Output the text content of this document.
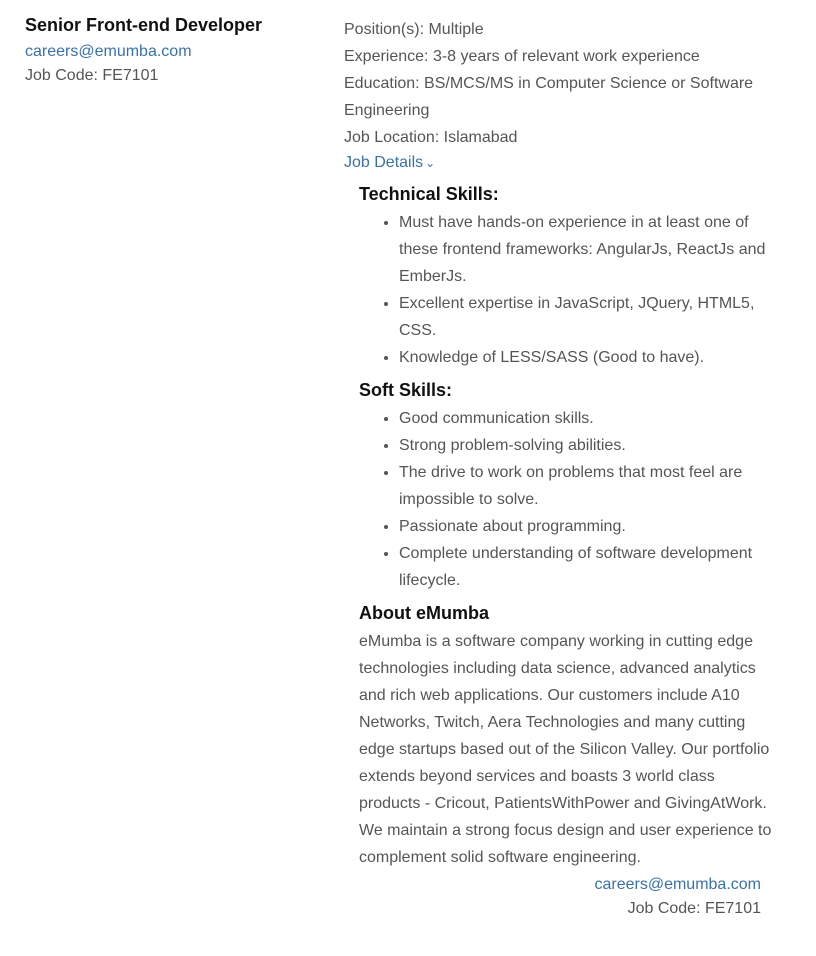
Senior Front-end Developer
careers@emumba.com
Job Code: FE7101
Position(s): Multiple
Experience: 3-8 years of relevant work experience
Education: BS/MCS/MS in Computer Science or Software Engineering
Job Location: Islamabad
Job Details ⌄
Technical Skills:
• Must have hands-on experience in at least one of these frontend frameworks: AngularJs, ReactJs and EmberJs.
• Excellent expertise in JavaScript, JQuery, HTML5, CSS.
• Knowledge of LESS/SASS (Good to have).
Soft Skills:
• Good communication skills.
• Strong problem-solving abilities.
• The drive to work on problems that most feel are impossible to solve.
• Passionate about programming.
• Complete understanding of software development lifecycle.
About eMumba

eMumba is a software company working in cutting edge technologies including data science, advanced analytics and rich web applications. Our customers include A10 Networks, Twitch, Aera Technologies and many cutting edge startups based out of the Silicon Valley. Our portfolio extends beyond services and boasts 3 world class products - Cricout, PatientsWithPower and GivingAtWork. We maintain a strong focus design and user experience to complement solid software engineering.

careers@emumba.com
Job Code: FE7101
